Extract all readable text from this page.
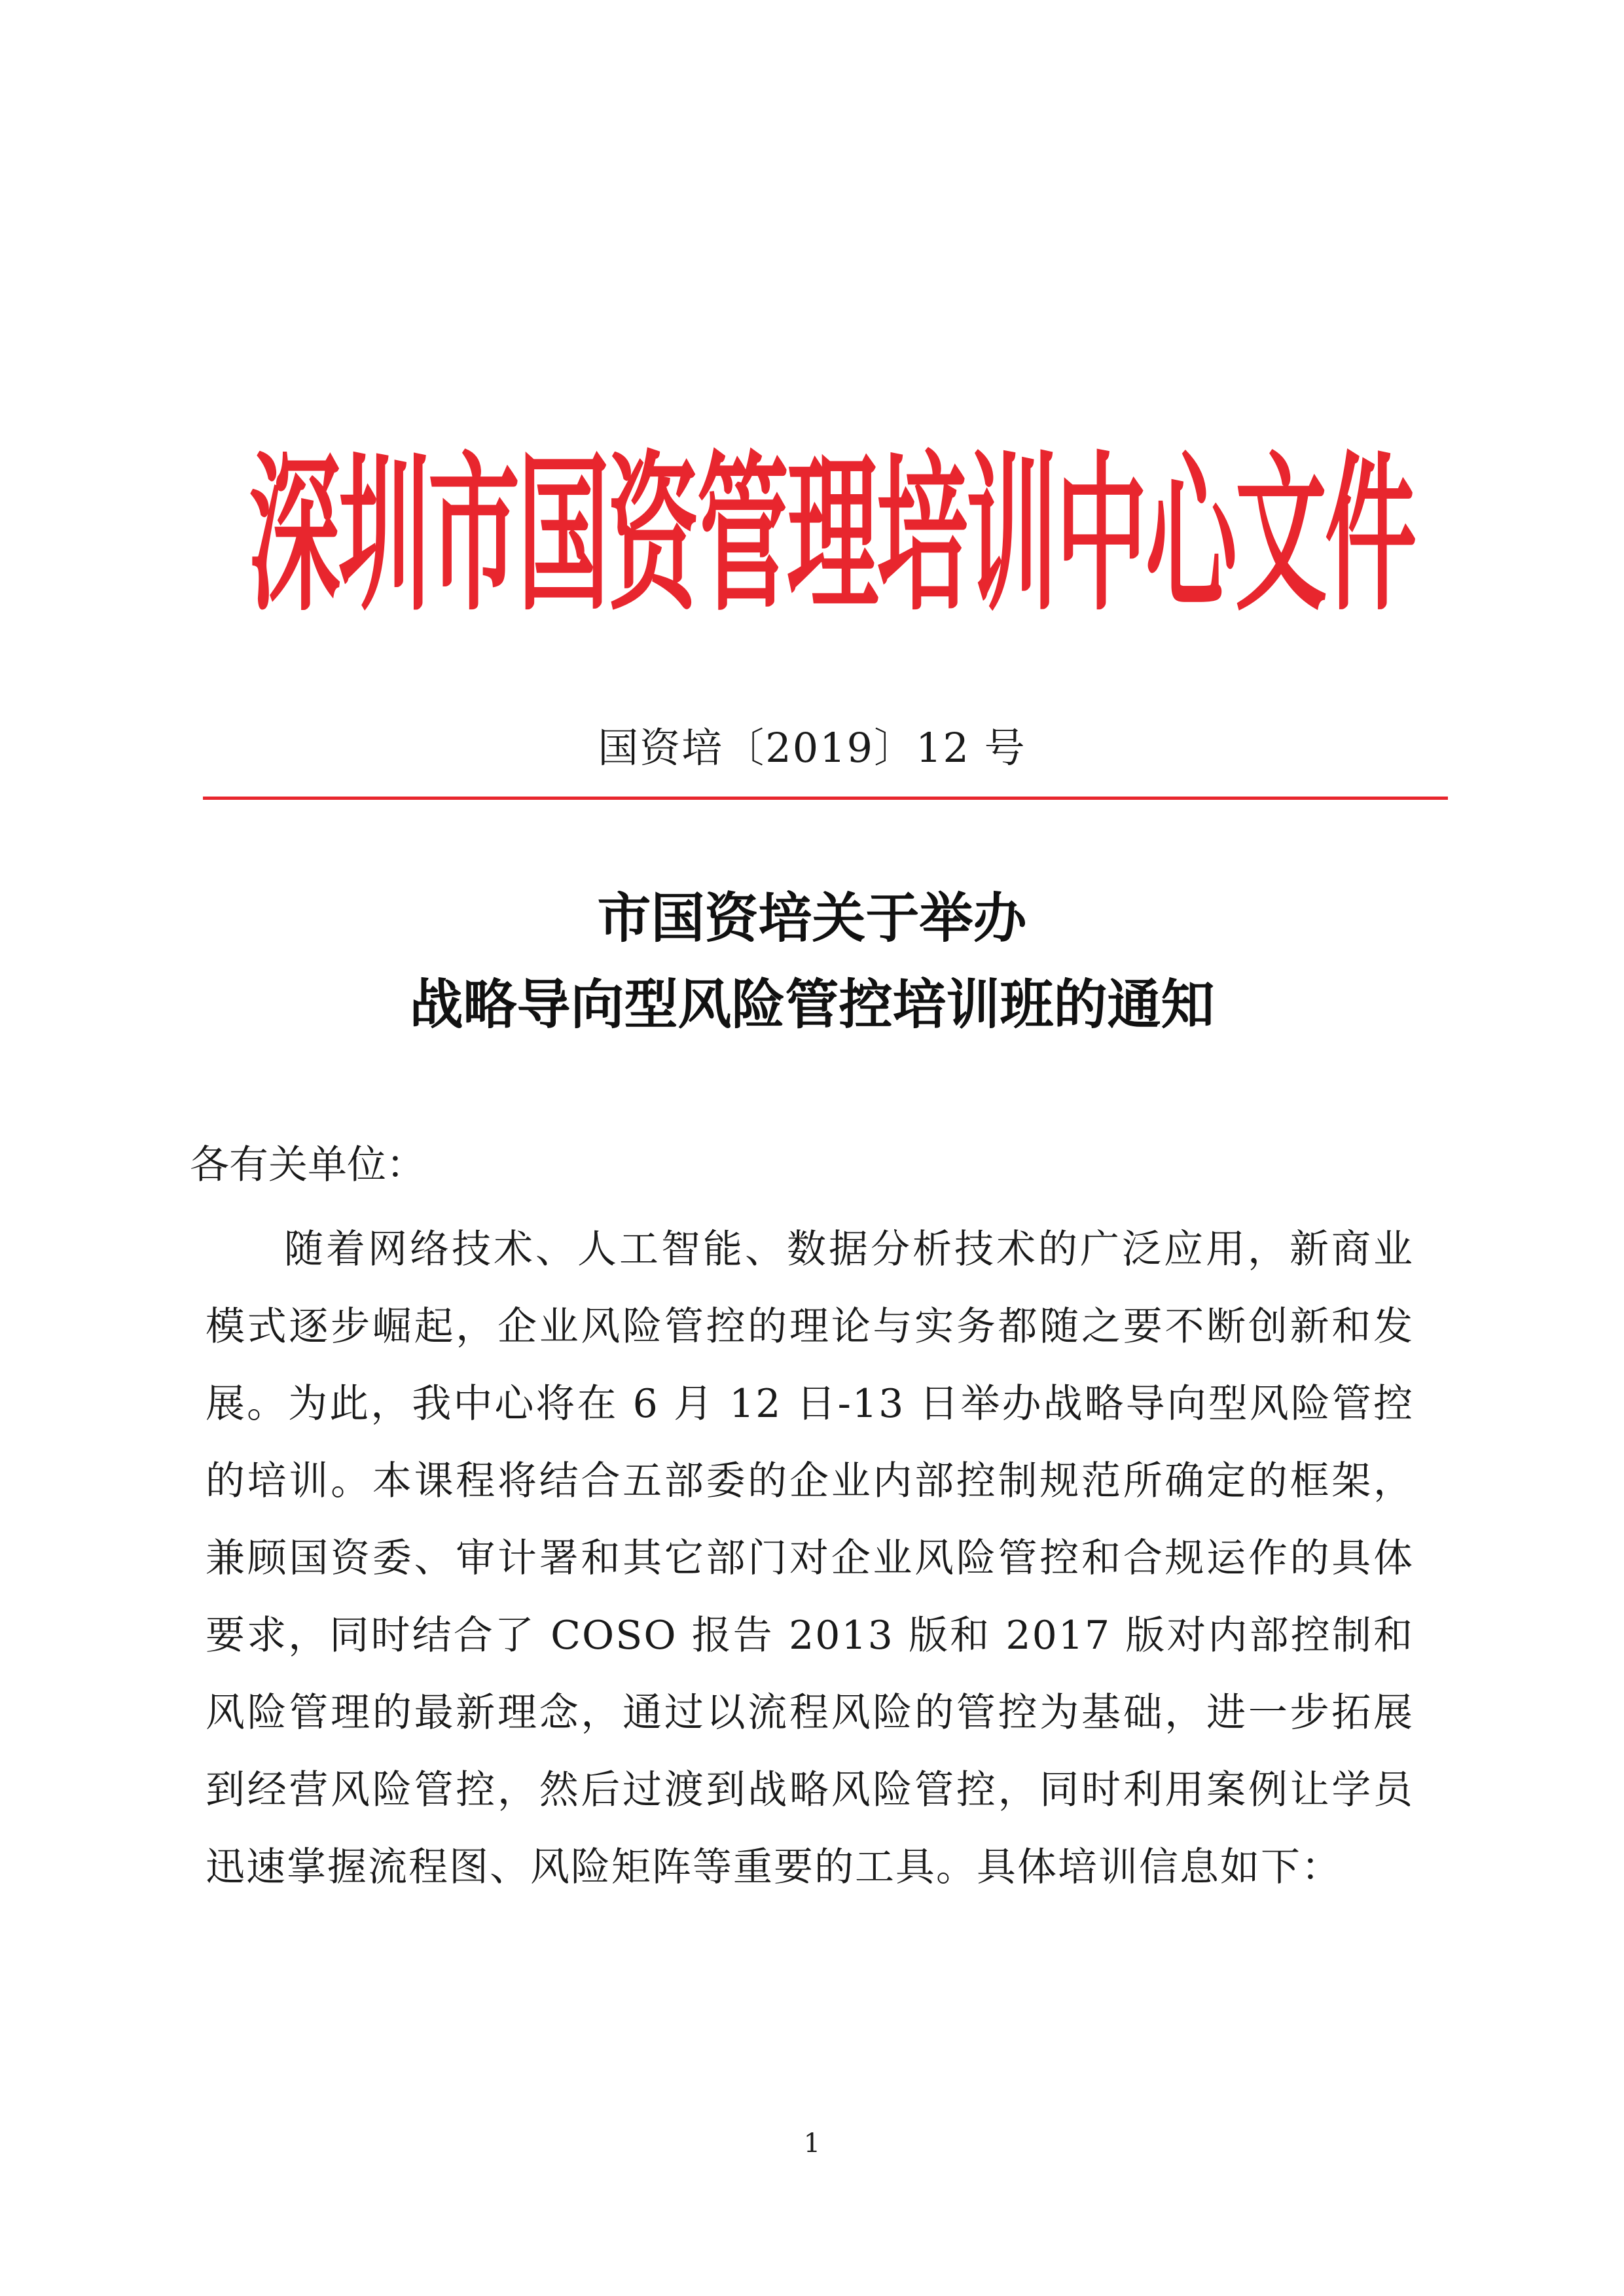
深圳市国资管理培训中心文件
国资培〔2019〕12 号
市国资培关于举办
战略导向型风险管控培训班的通知

各有关单位：

随着网络技术、人工智能、数据分析技术的广泛应用，新商业模式逐步崛起，企业风险管控的理论与实务都随之要不断创新和发展。为此，我中心将在 6 月 12 日-13 日举办战略导向型风险管控的培训。本课程将结合五部委的企业内部控制规范所确定的框架，兼顾国资委、审计署和其它部门对企业风险管控和合规运作的具体要求，同时结合了 COSO 报告 2013 版和 2017 版对内部控制和风险管理的最新理念，通过以流程风险的管控为基础，进一步拓展到经营风险管控，然后过渡到战略风险管控，同时利用案例让学员迅速掌握流程图、风险矩阵等重要的工具。具体培训信息如下：

1
